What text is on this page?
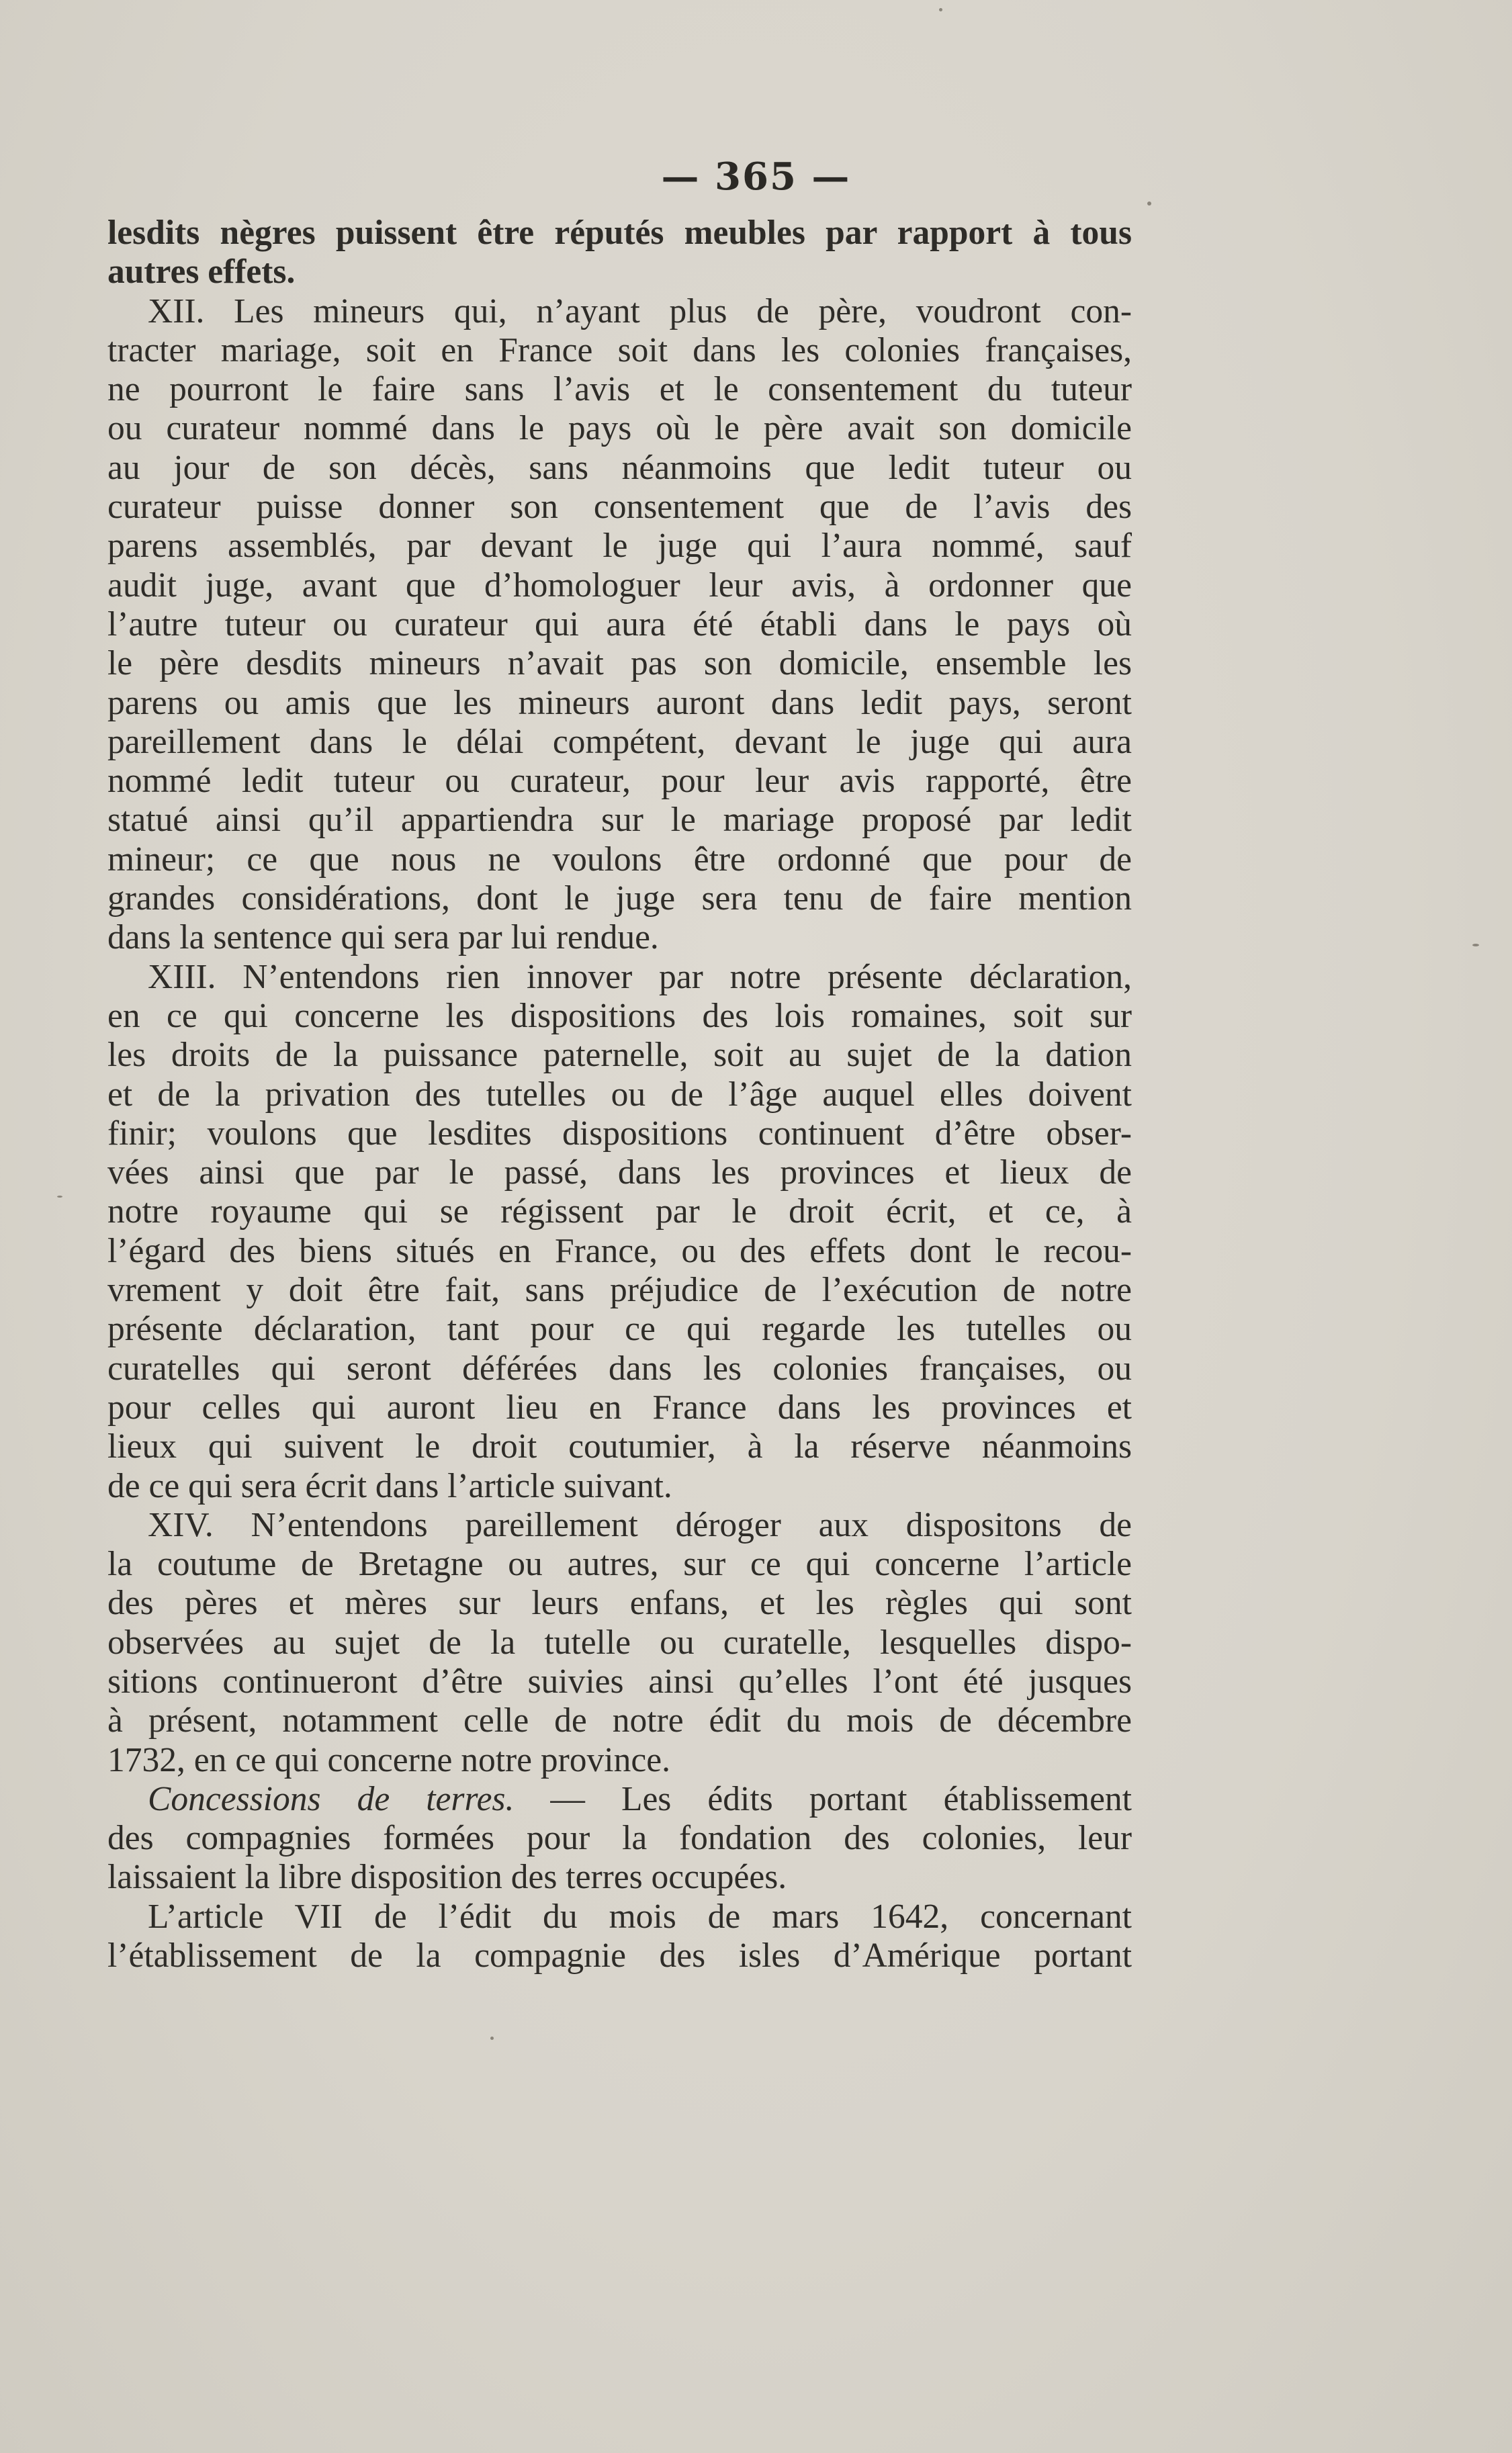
— 365 —
lesdits nègres puissent être réputés meubles par rapport à tous
autres effets.
XII. Les mineurs qui, n’ayant plus de père, voudront con-
tracter mariage, soit en France soit dans les colonies françaises,
ne pourront le faire sans l’avis et le consentement du tuteur
ou curateur nommé dans le pays où le père avait son domicile
au jour de son décès, sans néanmoins que ledit tuteur ou
curateur puisse donner son consentement que de l’avis des
parens assemblés, par devant le juge qui l’aura nommé, sauf
audit juge, avant que d’homologuer leur avis, à ordonner que
l’autre tuteur ou curateur qui aura été établi dans le pays où
le père desdits mineurs n’avait pas son domicile, ensemble les
parens ou amis que les mineurs auront dans ledit pays, seront
pareillement dans le délai compétent, devant le juge qui aura
nommé ledit tuteur ou curateur, pour leur avis rapporté, être
statué ainsi qu’il appartiendra sur le mariage proposé par ledit
mineur; ce que nous ne voulons être ordonné que pour de
grandes considérations, dont le juge sera tenu de faire mention
dans la sentence qui sera par lui rendue.
XIII. N’entendons rien innover par notre présente déclaration,
en ce qui concerne les dispositions des lois romaines, soit sur
les droits de la puissance paternelle, soit au sujet de la dation
et de la privation des tutelles ou de l’âge auquel elles doivent
finir; voulons que lesdites dispositions continuent d’être obser-
vées ainsi que par le passé, dans les provinces et lieux de
notre royaume qui se régissent par le droit écrit, et ce, à
l’égard des biens situés en France, ou des effets dont le recou-
vrement y doit être fait, sans préjudice de l’exécution de notre
présente déclaration, tant pour ce qui regarde les tutelles ou
curatelles qui seront déférées dans les colonies françaises, ou
pour celles qui auront lieu en France dans les provinces et
lieux qui suivent le droit coutumier, à la réserve néanmoins
de ce qui sera écrit dans l’article suivant.
XIV. N’entendons pareillement déroger aux dispositons de
la coutume de Bretagne ou autres, sur ce qui concerne l’article
des pères et mères sur leurs enfans, et les règles qui sont
observées au sujet de la tutelle ou curatelle, lesquelles dispo-
sitions continueront d’être suivies ainsi qu’elles l’ont été jusques
à présent, notamment celle de notre édit du mois de décembre
1732, en ce qui concerne notre province.
Concessions de terres. — Les édits portant établissement
des compagnies formées pour la fondation des colonies, leur
laissaient la libre disposition des terres occupées.
L’article VII de l’édit du mois de mars 1642, concernant
l’établissement de la compagnie des isles d’Amérique portant
